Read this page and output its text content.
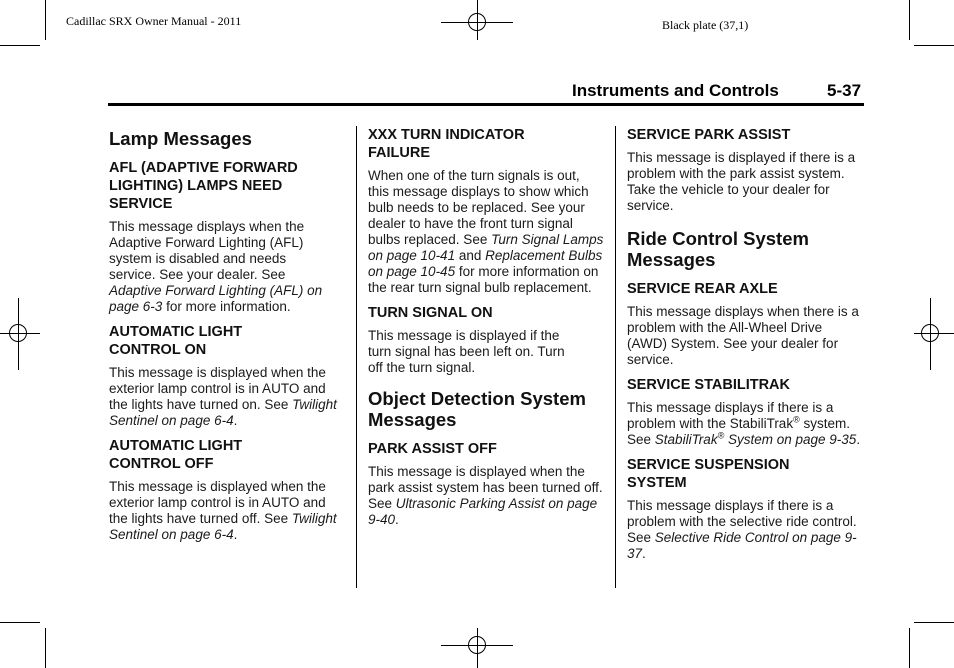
Cadillac SRX Owner Manual - 2011	Black plate (37,1)
Instruments and Controls	5-37
Lamp Messages
AFL (ADAPTIVE FORWARD LIGHTING) LAMPS NEED SERVICE

This message displays when the Adaptive Forward Lighting (AFL) system is disabled and needs service. See your dealer. See Adaptive Forward Lighting (AFL) on page 6-3 for more information.

AUTOMATIC LIGHT CONTROL ON

This message is displayed when the exterior lamp control is in AUTO and the lights have turned on. See Twilight Sentinel on page 6-4.

AUTOMATIC LIGHT CONTROL OFF

This message is displayed when the exterior lamp control is in AUTO and the lights have turned off. See Twilight Sentinel on page 6-4.

XXX TURN INDICATOR FAILURE

When one of the turn signals is out, this message displays to show which bulb needs to be replaced. See your dealer to have the front turn signal bulbs replaced. See Turn Signal Lamps on page 10-41 and Replacement Bulbs on page 10-45 for more information on the rear turn signal bulb replacement.

TURN SIGNAL ON

This message is displayed if the turn signal has been left on. Turn off the turn signal.

Object Detection System Messages
PARK ASSIST OFF

This message is displayed when the park assist system has been turned off. See Ultrasonic Parking Assist on page 9-40.

SERVICE PARK ASSIST

This message is displayed if there is a problem with the park assist system. Take the vehicle to your dealer for service.

Ride Control System Messages
SERVICE REAR AXLE

This message displays when there is a problem with the All-Wheel Drive (AWD) System. See your dealer for service.

SERVICE STABILITRAK

This message displays if there is a problem with the StabiliTrak® system. See StabiliTrak® System on page 9-35.

SERVICE SUSPENSION SYSTEM

This message displays if there is a problem with the selective ride control. See Selective Ride Control on page 9-37.
